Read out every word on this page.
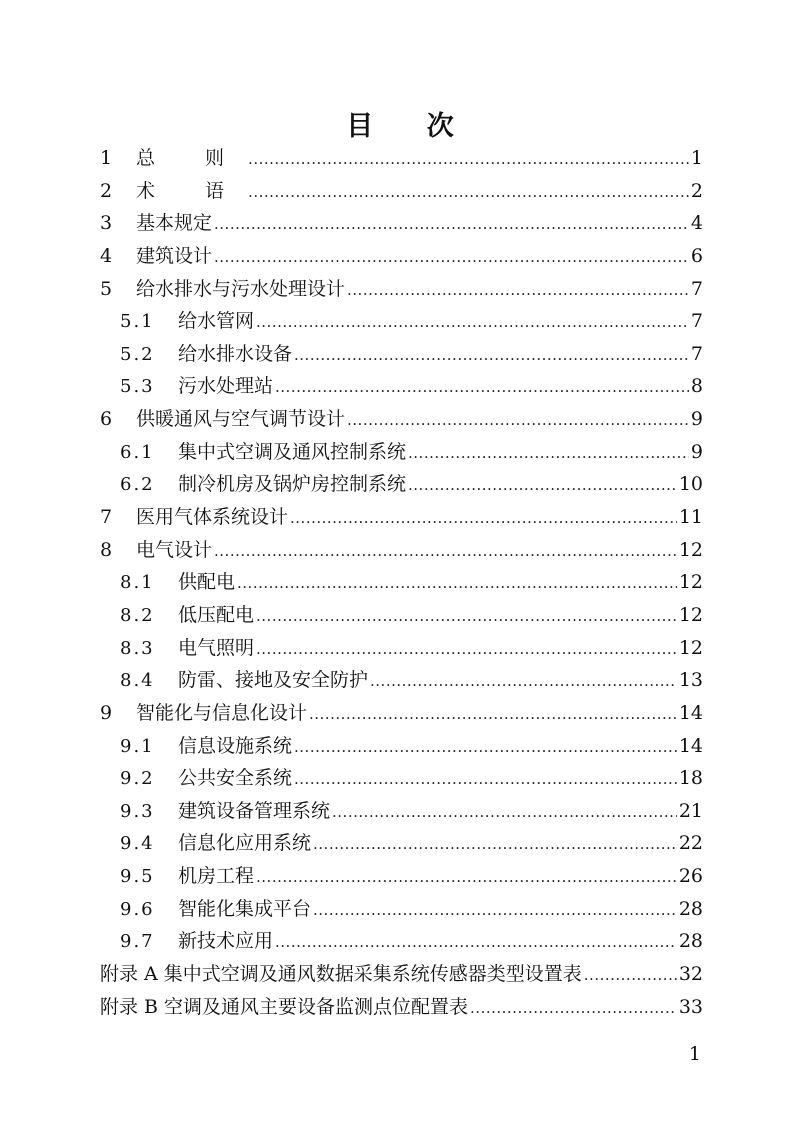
目 次
1	总 则 .....	1
2	术 语 .....	2
3	基本规定 .....	4
4	建筑设计 .....	6
5	给水排水与污水处理设计 .....	7
5.1	给水管网 .....	7
5.2	给水排水设备 .....	7
5.3	污水处理站 .....	8
6	供暖通风与空气调节设计 .....	9
6.1	集中式空调及通风控制系统 .....	9
6.2	制冷机房及锅炉房控制系统 .....	10
7	医用气体系统设计 .....	11
8	电气设计 .....	12
8.1	供配电 .....	12
8.2	低压配电 .....	12
8.3	电气照明 .....	12
8.4	防雷、接地及安全防护 .....	13
9	智能化与信息化设计 .....	14
9.1	信息设施系统 .....	14
9.2	公共安全系统 .....	18
9.3	建筑设备管理系统 .....	21
9.4	信息化应用系统 .....	22
9.5	机房工程 .....	26
9.6	智能化集成平台 .....	28
9.7	新技术应用 .....	28
附录 A 集中式空调及通风数据采集系统传感器类型设置表 .....	32
附录 B 空调及通风主要设备监测点位配置表 .....	33
1
